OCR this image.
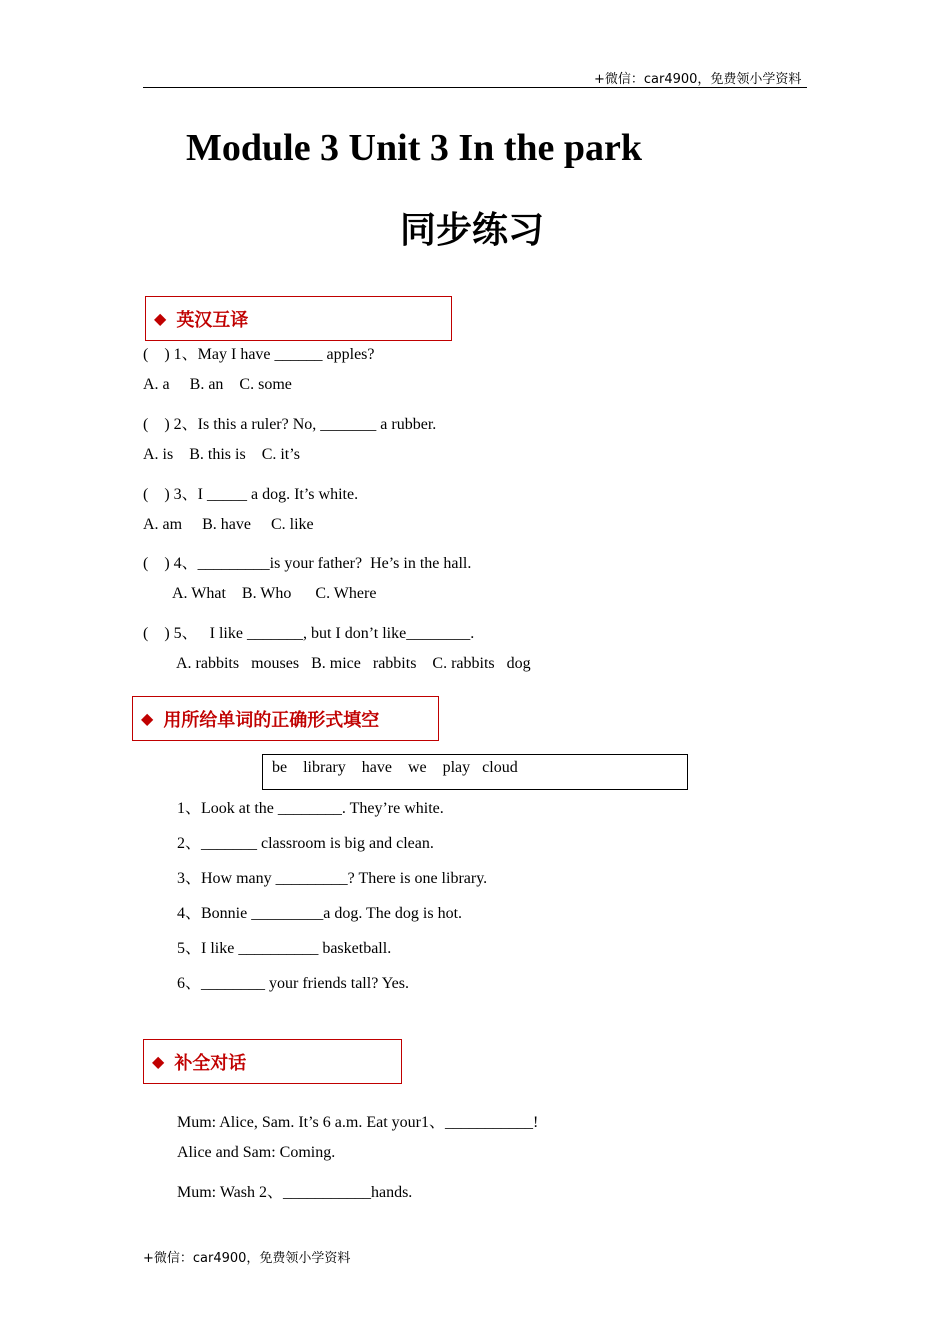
+微信：car4900，免费领小学资料
Module 3 Unit 3 In the park
同步练习
◆ 英汉互译
(    ) 1、May I have ______ apples?
A. a     B. an    C. some
(    ) 2、Is this a ruler? No, _______ a rubber.
A. is    B. this is    C. it’s
(    ) 3、I _____ a dog. It’s white.
A. am     B. have     C. like
(    ) 4、_________is your father?  He’s in the hall.
A. What    B. Who      C. Where
(    ) 5、   I like _______, but I don’t like________.
A. rabbits   mouses   B. mice   rabbits    C. rabbits   dog
◆ 用所给单词的正确形式填空
be    library    have    we    play   cloud
1、Look at the ________. They’re white.
2、_______ classroom is big and clean.
3、How many _________? There is one library.
4、Bonnie _________a dog. The dog is hot.
5、I like __________ basketball.
6、________ your friends tall? Yes.
◆ 补全对话
Mum: Alice, Sam. It’s 6 a.m. Eat your1、___________!
Alice and Sam: Coming.
Mum: Wash 2、___________hands.
+微信：car4900，免费领小学资料
